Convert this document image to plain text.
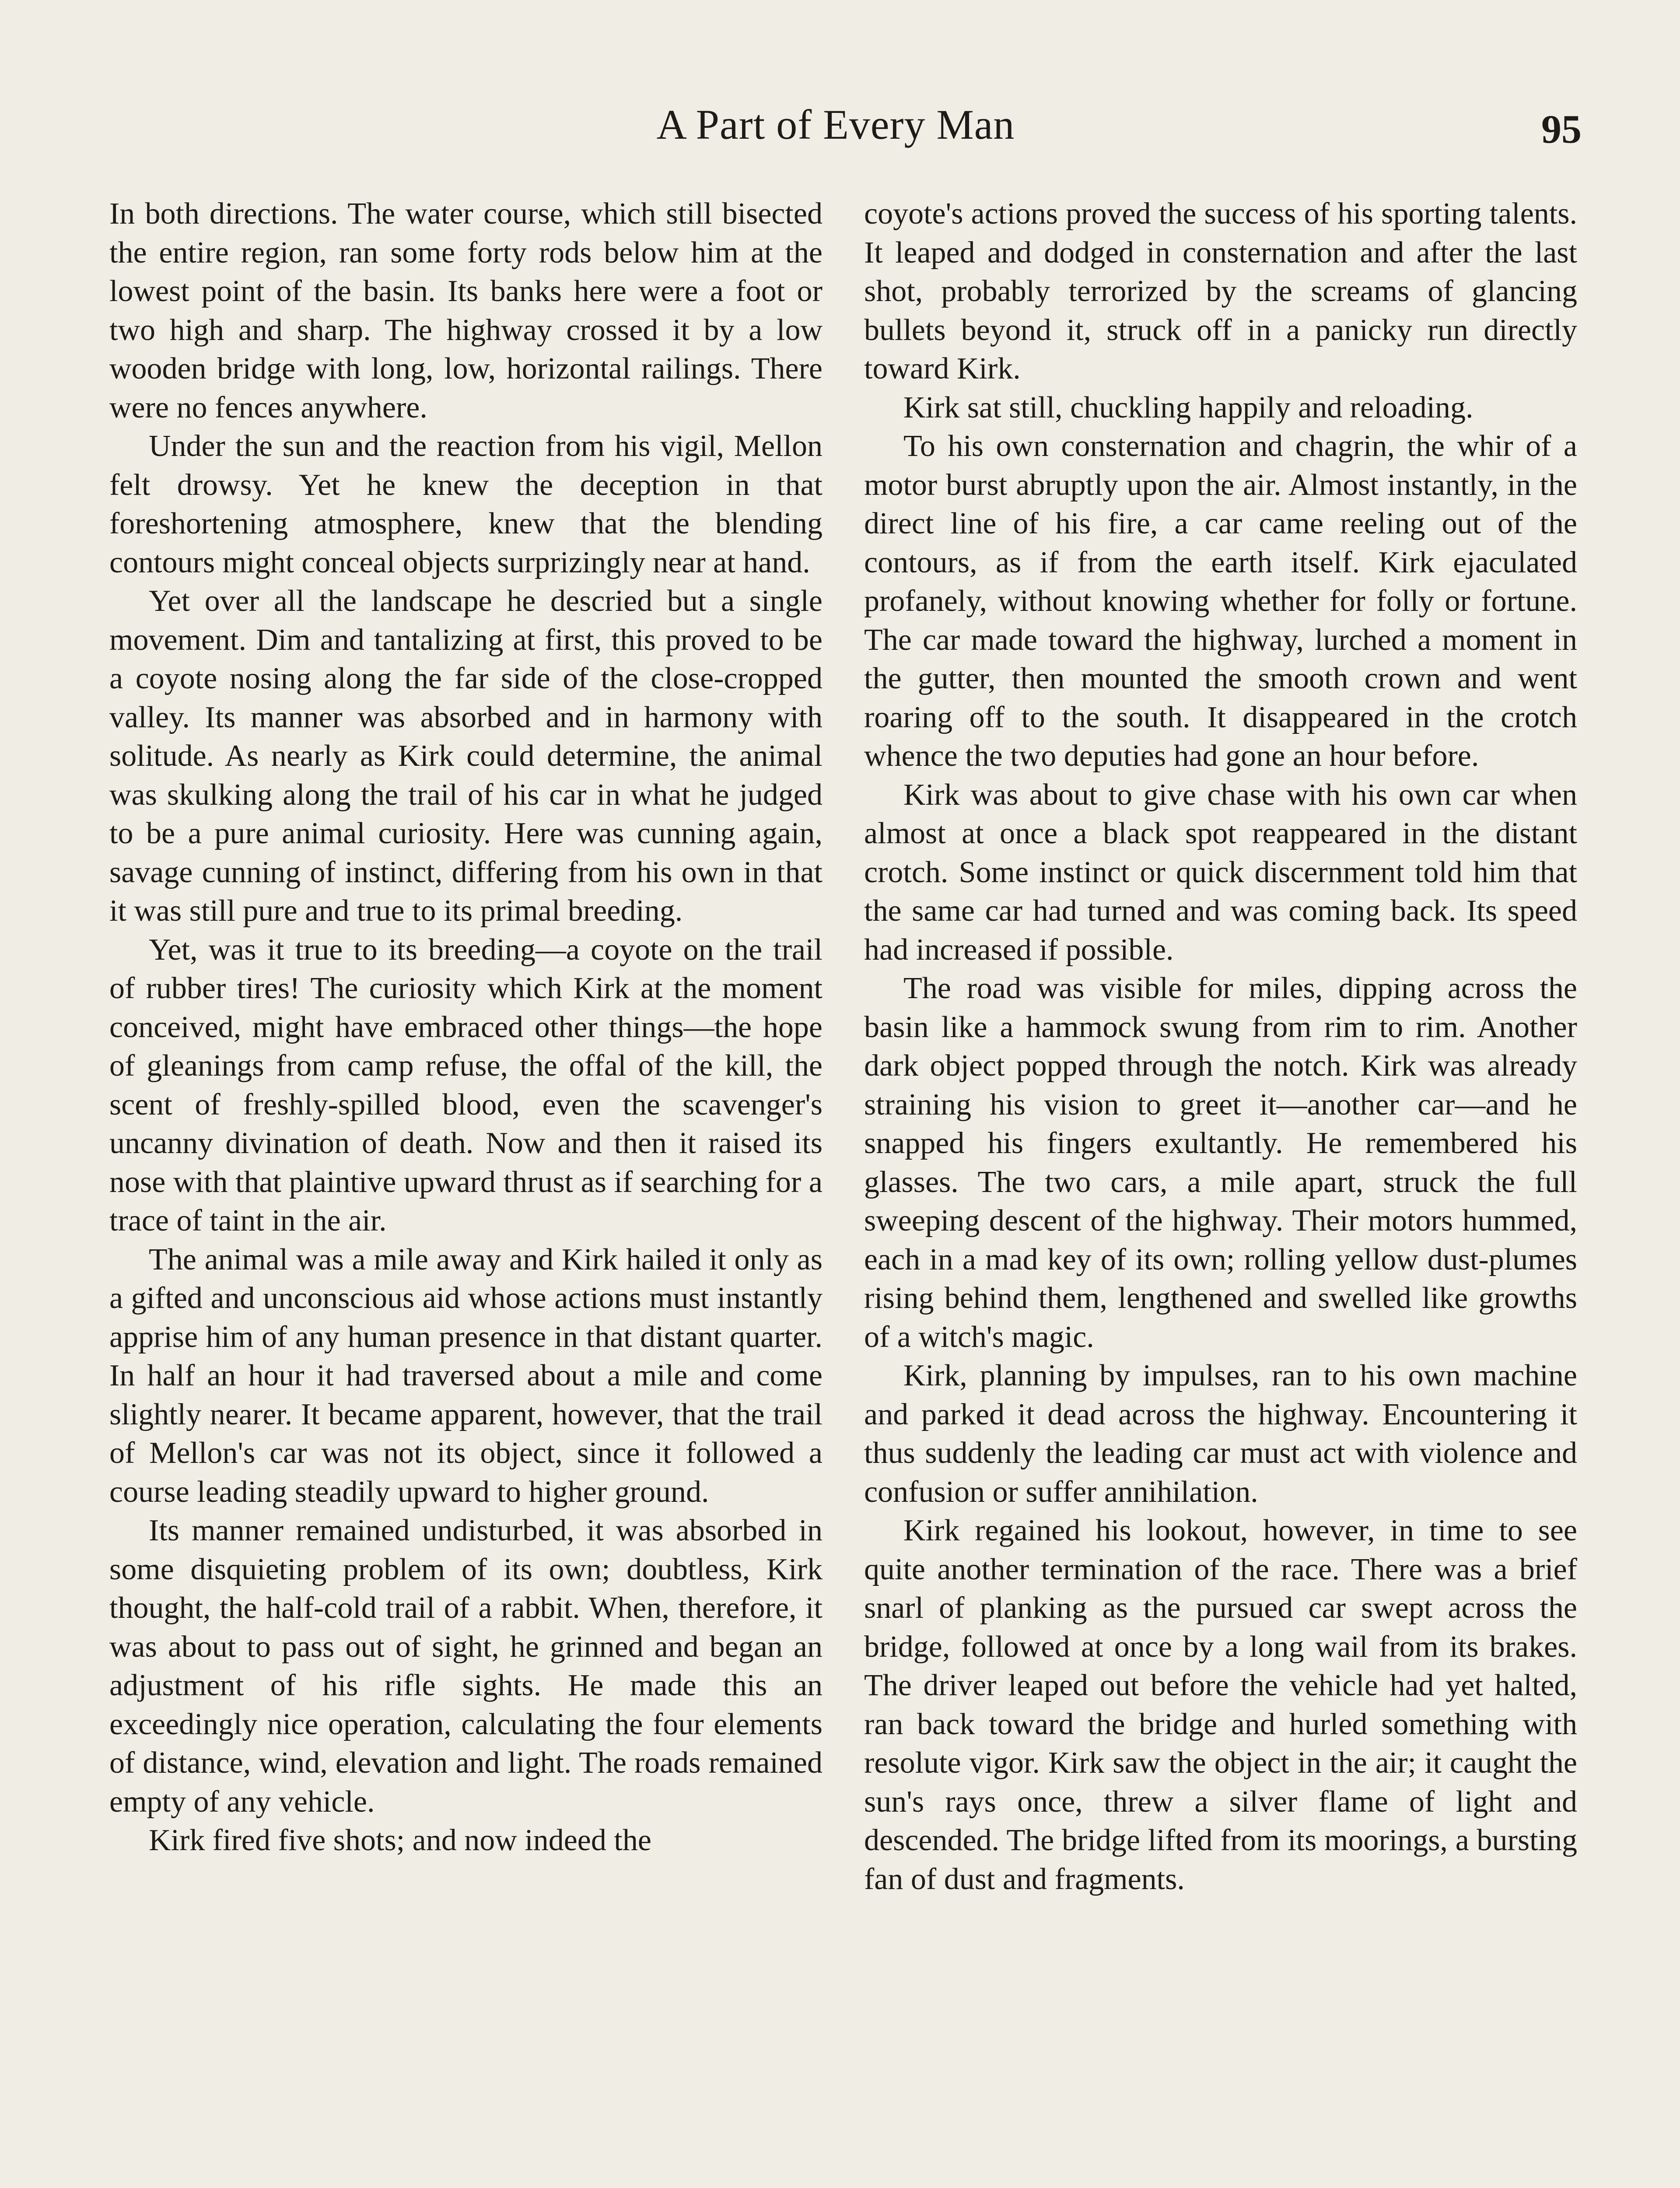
A Part of Every Man	95

In both directions. The water course, which still bisected the entire region, ran some forty rods below him at the lowest point of the basin. Its banks here were a foot or two high and sharp. The highway crossed it by a low wooden bridge with long, low, horizontal railings. There were no fences anywhere.

Under the sun and the reaction from his vigil, Mellon felt drowsy. Yet he knew the deception in that foreshortening atmosphere, knew that the blending contours might conceal objects surprizingly near at hand.

Yet over all the landscape he descried but a single movement. Dim and tantalizing at first, this proved to be a coyote nosing along the far side of the close-cropped valley. Its manner was absorbed and in harmony with solitude. As nearly as Kirk could determine, the animal was skulking along the trail of his car in what he judged to be a pure animal curiosity. Here was cunning again, savage cunning of instinct, differing from his own in that it was still pure and true to its primal breeding.

Yet, was it true to its breeding—a coyote on the trail of rubber tires! The curiosity which Kirk at the moment conceived, might have embraced other things—the hope of gleanings from camp refuse, the offal of the kill, the scent of freshly-spilled blood, even the scavenger's uncanny divination of death. Now and then it raised its nose with that plaintive upward thrust as if searching for a trace of taint in the air.

The animal was a mile away and Kirk hailed it only as a gifted and unconscious aid whose actions must instantly apprise him of any human presence in that distant quarter. In half an hour it had traversed about a mile and come slightly nearer. It became apparent, however, that the trail of Mellon's car was not its object, since it followed a course leading steadily upward to higher ground.

Its manner remained undisturbed, it was absorbed in some disquieting problem of its own; doubtless, Kirk thought, the half-cold trail of a rabbit. When, therefore, it was about to pass out of sight, he grinned and began an adjustment of his rifle sights. He made this an exceedingly nice operation, calculating the four elements of distance, wind, elevation and light. The roads remained empty of any vehicle.

Kirk fired five shots; and now indeed the

coyote's actions proved the success of his sporting talents. It leaped and dodged in consternation and after the last shot, probably terrorized by the screams of glancing bullets beyond it, struck off in a panicky run directly toward Kirk.

Kirk sat still, chuckling happily and reloading.

To his own consternation and chagrin, the whir of a motor burst abruptly upon the air. Almost instantly, in the direct line of his fire, a car came reeling out of the contours, as if from the earth itself. Kirk ejaculated profanely, without knowing whether for folly or fortune. The car made toward the highway, lurched a moment in the gutter, then mounted the smooth crown and went roaring off to the south. It disappeared in the crotch whence the two deputies had gone an hour before.

Kirk was about to give chase with his own car when almost at once a black spot reappeared in the distant crotch. Some instinct or quick discernment told him that the same car had turned and was coming back. Its speed had increased if possible.

The road was visible for miles, dipping across the basin like a hammock swung from rim to rim. Another dark object popped through the notch. Kirk was already straining his vision to greet it—another car—and he snapped his fingers exultantly. He remembered his glasses. The two cars, a mile apart, struck the full sweeping descent of the highway. Their motors hummed, each in a mad key of its own; rolling yellow dust-plumes rising behind them, lengthened and swelled like growths of a witch's magic.

Kirk, planning by impulses, ran to his own machine and parked it dead across the highway. Encountering it thus suddenly the leading car must act with violence and confusion or suffer annihilation.

Kirk regained his lookout, however, in time to see quite another termination of the race. There was a brief snarl of planking as the pursued car swept across the bridge, followed at once by a long wail from its brakes. The driver leaped out before the vehicle had yet halted, ran back toward the bridge and hurled something with resolute vigor. Kirk saw the object in the air; it caught the sun's rays once, threw a silver flame of light and descended. The bridge lifted from its moorings, a bursting fan of dust and fragments.
